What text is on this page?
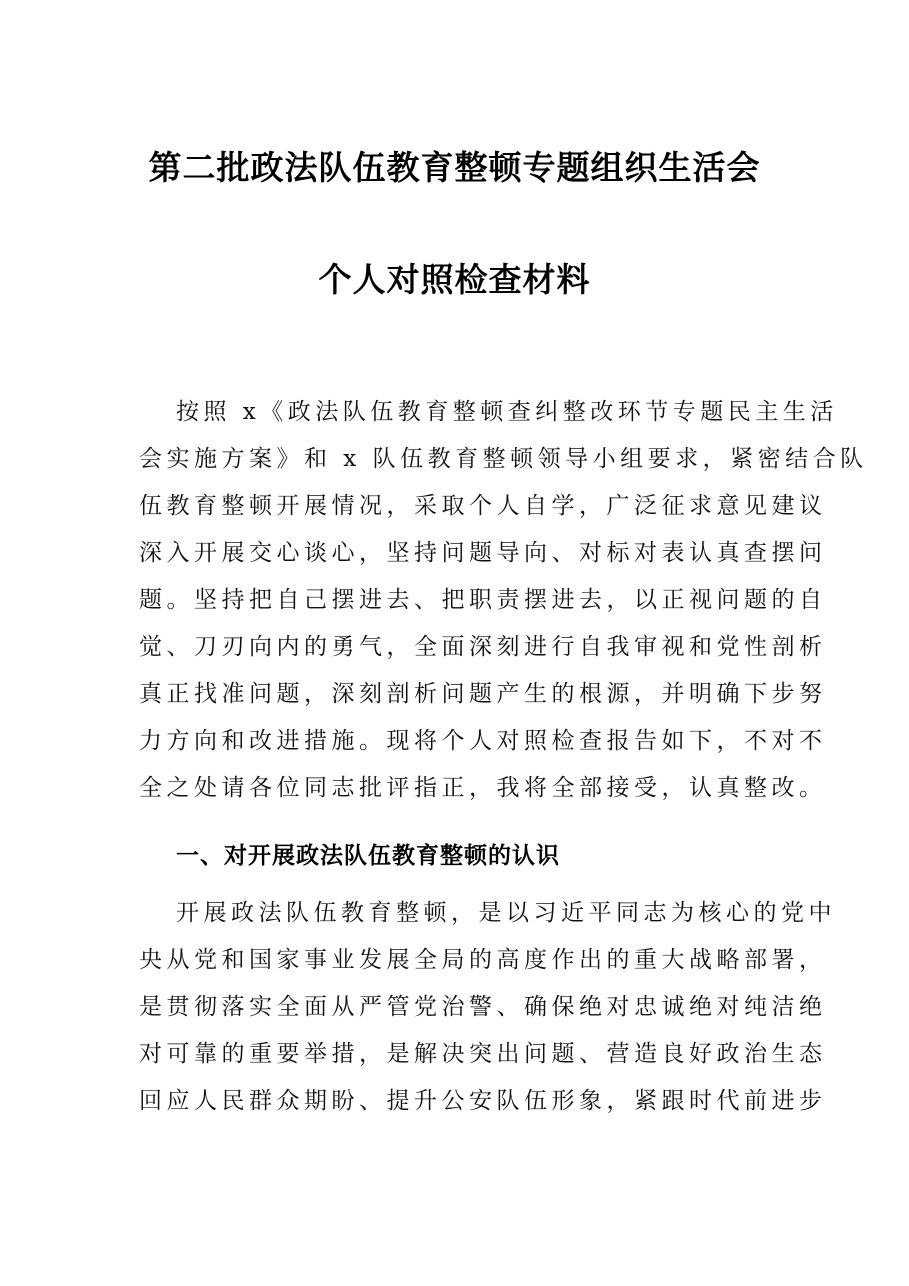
第二批政法队伍教育整顿专题组织生活会
个人对照检查材料
按照 x《政法队伍教育整顿查纠整改环节专题民主生活
会实施方案》和 x 队伍教育整顿领导小组要求，紧密结合队
伍教育整顿开展情况，采取个人自学，广泛征求意见建议
深入开展交心谈心，坚持问题导向、对标对表认真查摆问
题。坚持把自己摆进去、把职责摆进去，以正视问题的自
觉、刀刃向内的勇气，全面深刻进行自我审视和党性剖析
真正找准问题，深刻剖析问题产生的根源，并明确下步努
力方向和改进措施。现将个人对照检查报告如下，不对不
全之处请各位同志批评指正，我将全部接受，认真整改。
一、对开展政法队伍教育整顿的认识
开展政法队伍教育整顿，是以习近平同志为核心的党中
央从党和国家事业发展全局的高度作出的重大战略部署，
是贯彻落实全面从严管党治警、确保绝对忠诚绝对纯洁绝
对可靠的重要举措，是解决突出问题、营造良好政治生态
回应人民群众期盼、提升公安队伍形象，紧跟时代前进步
